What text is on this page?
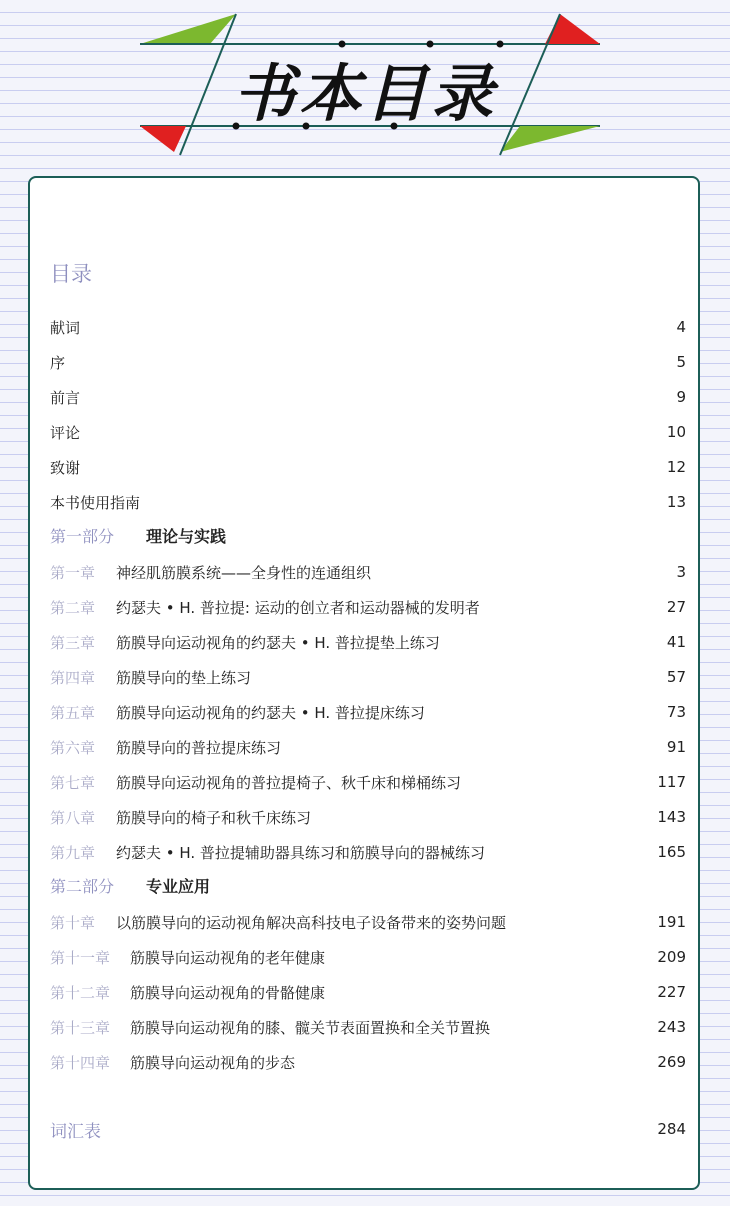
书本目录
目录
献词	4
序	5
前言	9
评论	10
致谢	12
本书使用指南	13
第一部分	理论与实践
第一章	神经肌筋膜系统——全身性的连通组织	3
第二章	约瑟夫 • H. 普拉提: 运动的创立者和运动器械的发明者	27
第三章	筋膜导向运动视角的约瑟夫 • H. 普拉提垫上练习	41
第四章	筋膜导向的垫上练习	57
第五章	筋膜导向运动视角的约瑟夫 • H. 普拉提床练习	73
第六章	筋膜导向的普拉提床练习	91
第七章	筋膜导向运动视角的普拉提椅子、秋千床和梯桶练习	117
第八章	筋膜导向的椅子和秋千床练习	143
第九章	约瑟夫 • H. 普拉提辅助器具练习和筋膜导向的器械练习	165
第二部分	专业应用
第十章	以筋膜导向的运动视角解决高科技电子设备带来的姿势问题	191
第十一章	筋膜导向运动视角的老年健康	209
第十二章	筋膜导向运动视角的骨骼健康	227
第十三章	筋膜导向运动视角的膝、髋关节表面置换和全关节置换	243
第十四章	筋膜导向运动视角的步态	269
词汇表	284
